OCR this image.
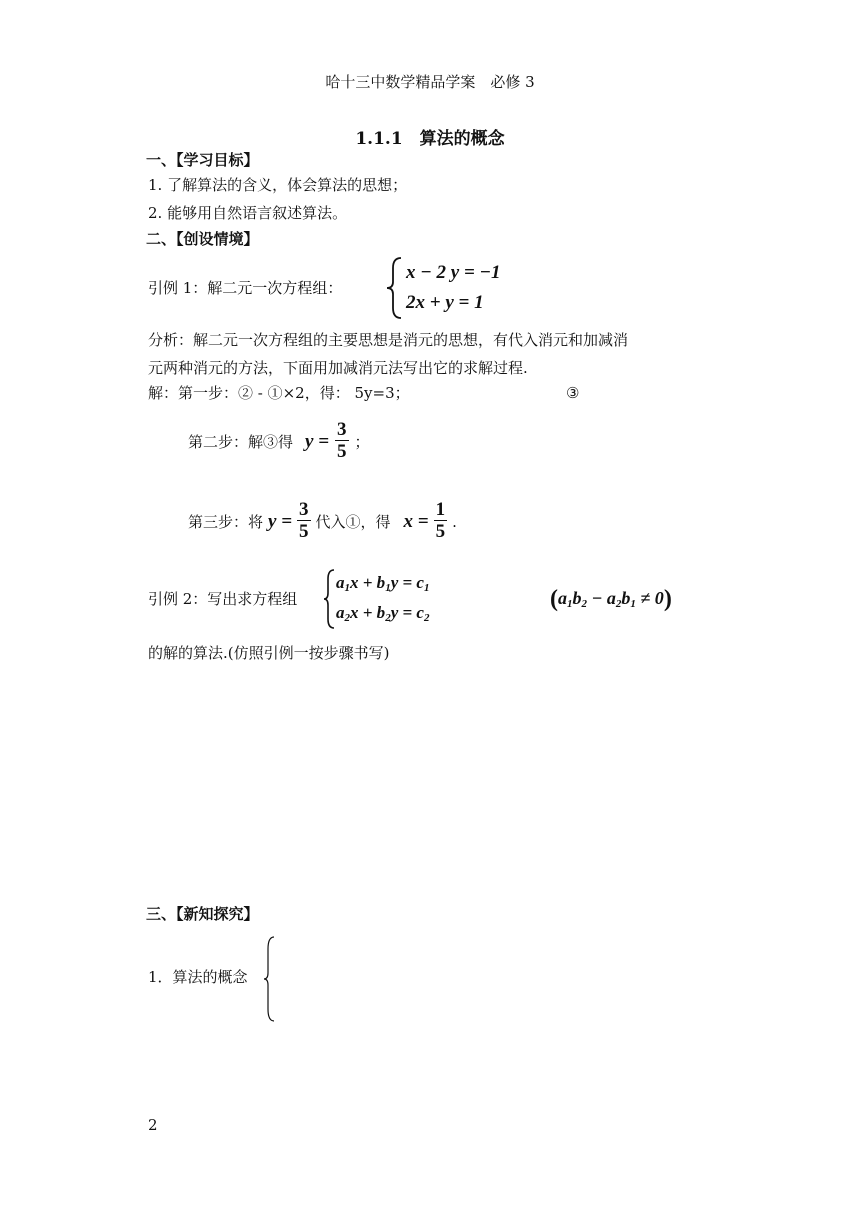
哈十三中数学精品学案　必修 3
1.1.1　算法的概念
一、【学习目标】
1. 了解算法的含义，体会算法的思想；
2. 能够用自然语言叙述算法。
二、【创设情境】
引例 1：解二元一次方程组：
x − 2 y = −1
2x + y = 1
分析：解二元一次方程组的主要思想是消元的思想，有代入消元和加减消
元两种消元的方法，下面用加减消元法写出它的求解过程.
解：第一步：② - ①×2，得： 5y=3；	③
第二步：解③得 $y = \frac{3}{5}$ ；
第三步：将 $y = \frac{3}{5}$ 代入①，得 $x = \frac{1}{5}$ .
引例 2：写出求方程组
$a_1x + b_1y = c_1$
$a_2x + b_2y = c_2$
$(a_1b_2 - a_2b_1 \ne 0)$
的解的算法.(仿照引例一按步骤书写)
三、【新知探究】
1．算法的概念
2
